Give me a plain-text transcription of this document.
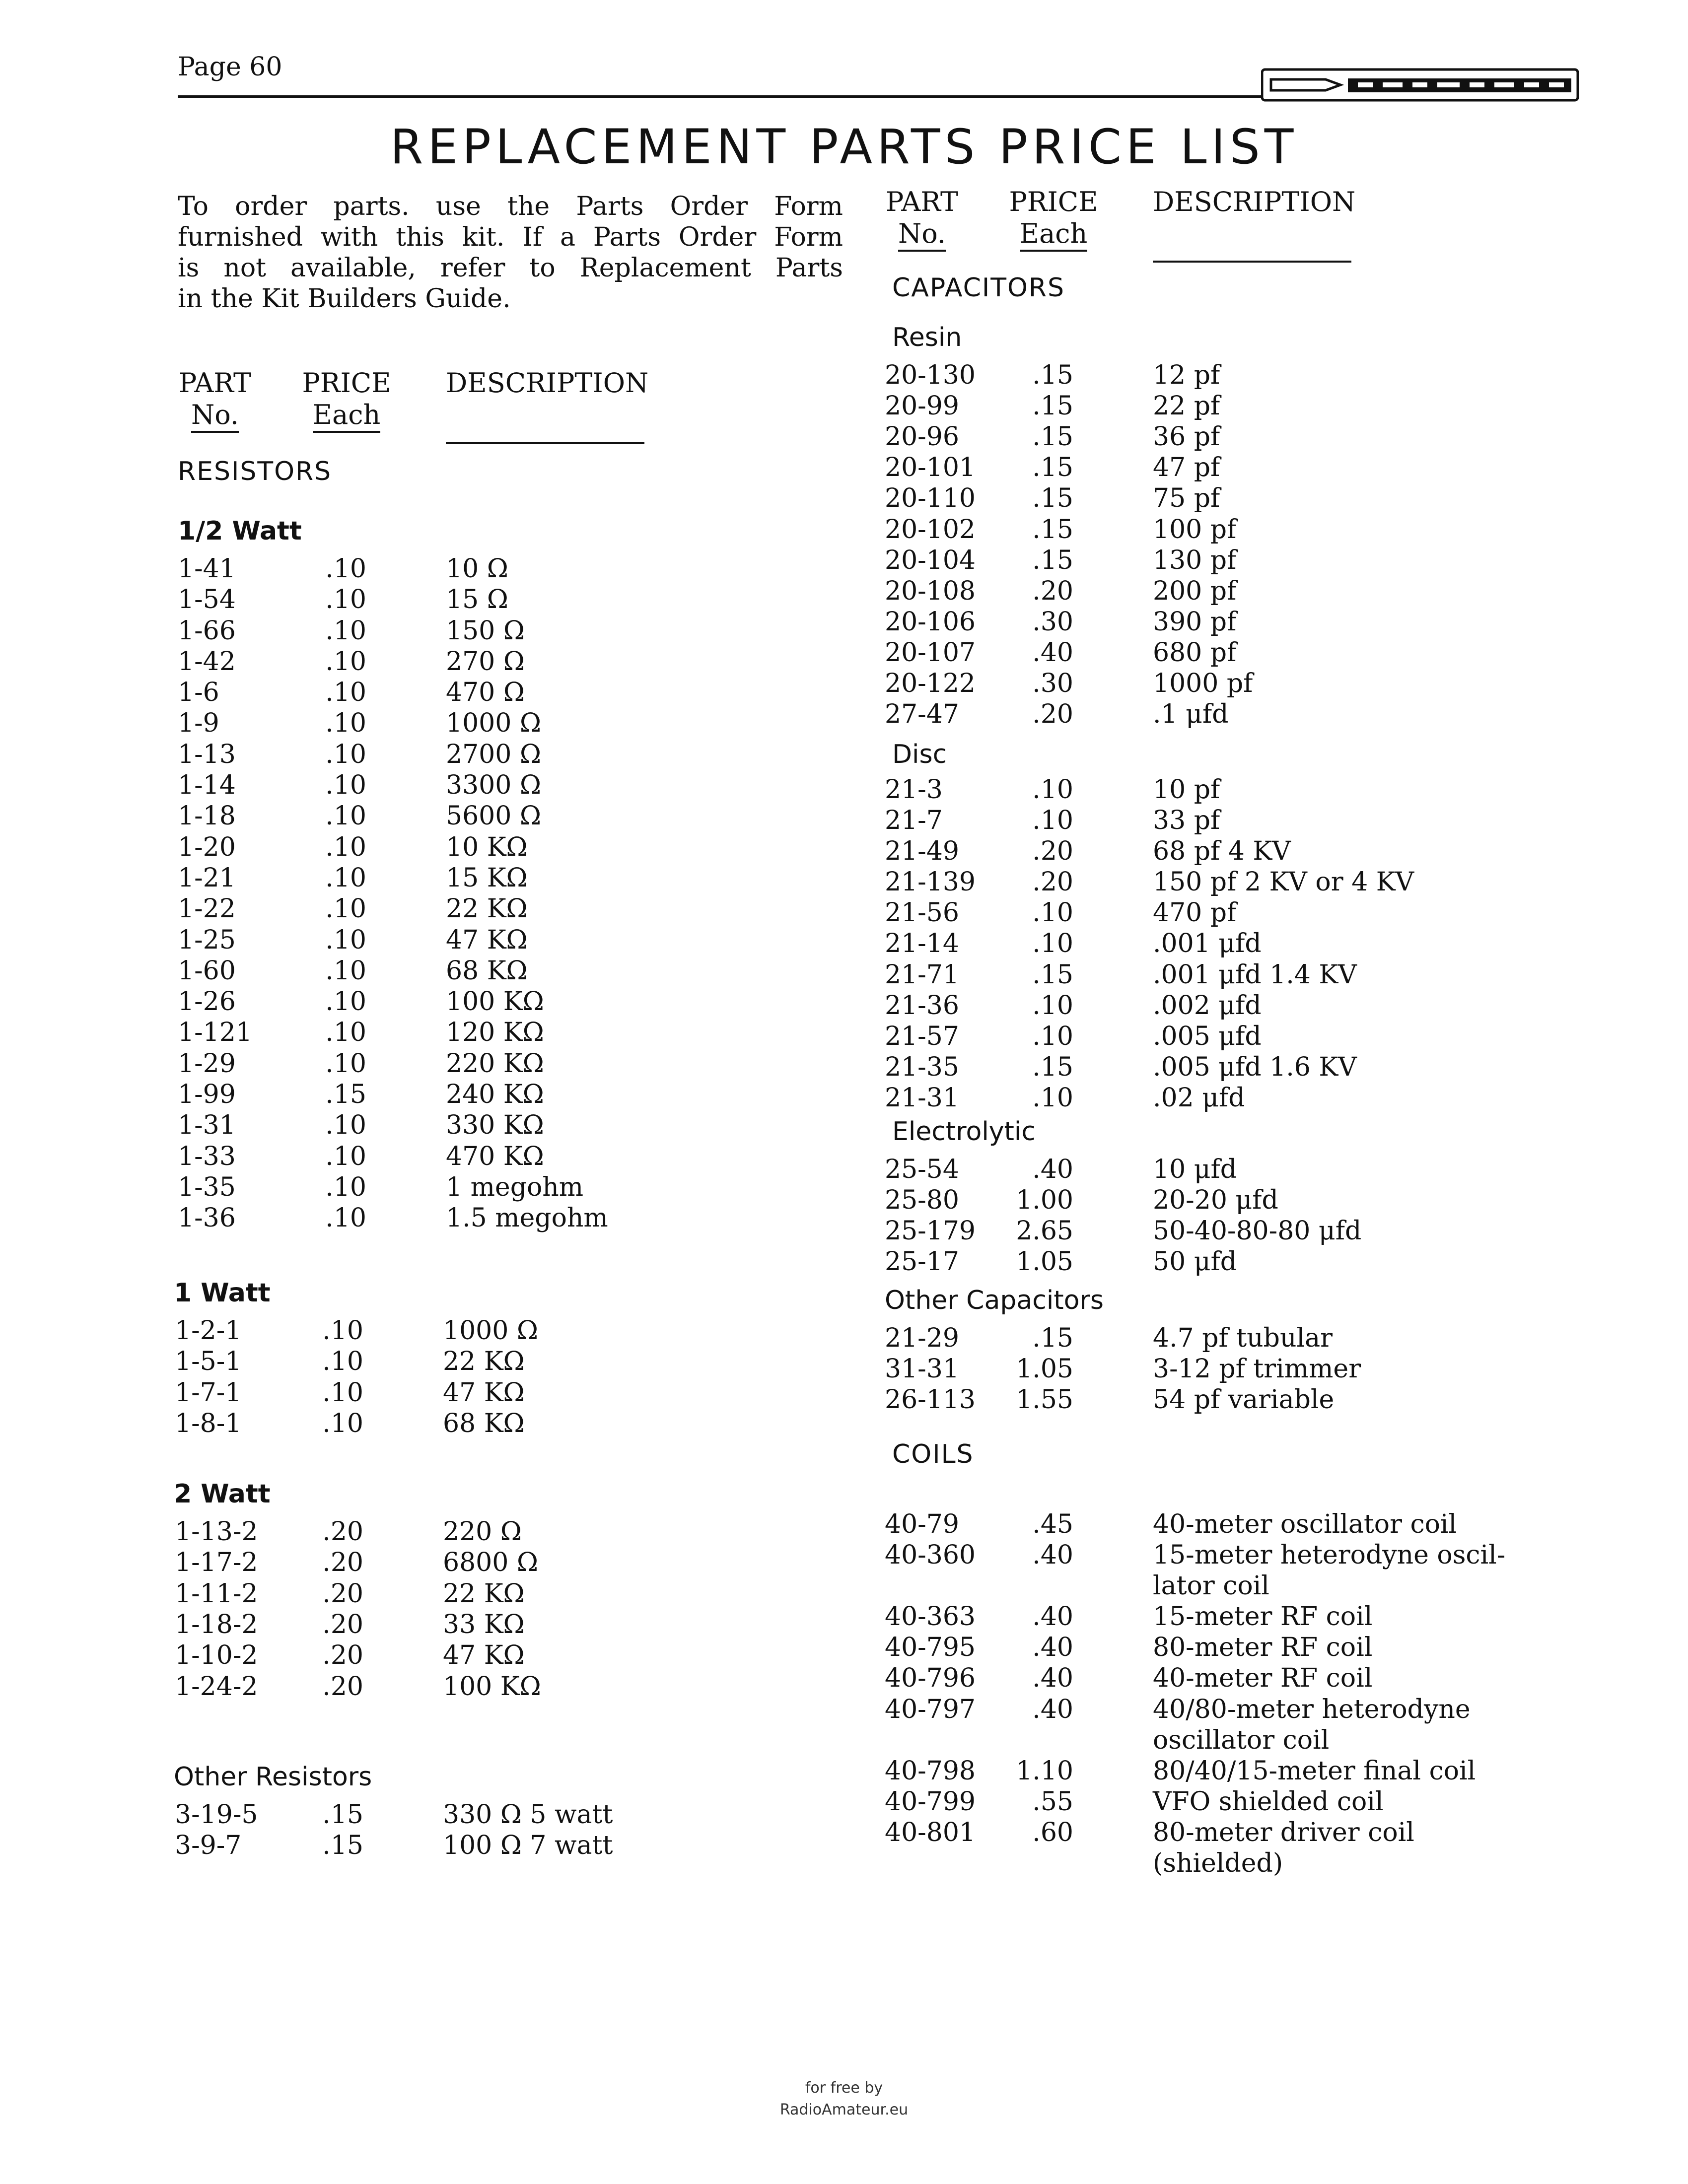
Page 60
REPLACEMENT PARTS PRICE LIST
To order parts. use the Parts Order Form
furnished with this kit. If a Parts Order Form
is not available, refer to Replacement Parts
in the Kit Builders Guide.
PART
No.
PRICE
Each
DESCRIPTION
PART
No.
PRICE
Each
DESCRIPTION
RESISTORS
1/2 Watt
1 Watt
2 Watt
Other Resistors
CAPACITORS
Resin
Disc
Electrolytic
Other Capacitors
COILS
1-41	.10	10 Ω
1-54	.10	15 Ω
1-66	.10	150 Ω
1-42	.10	270 Ω
1-6	.10	470 Ω
1-9	.10	1000 Ω
1-13	.10	2700 Ω
1-14	.10	3300 Ω
1-18	.10	5600 Ω
1-20	.10	10 KΩ
1-21	.10	15 KΩ
1-22	.10	22 KΩ
1-25	.10	47 KΩ
1-60	.10	68 KΩ
1-26	.10	100 KΩ
1-121	.10	120 KΩ
1-29	.10	220 KΩ
1-99	.15	240 KΩ
1-31	.10	330 KΩ
1-33	.10	470 KΩ
1-35	.10	1 megohm
1-36	.10	1.5 megohm
1-2-1	.10	1000 Ω
1-5-1	.10	22 KΩ
1-7-1	.10	47 KΩ
1-8-1	.10	68 KΩ
1-13-2	.20	220 Ω
1-17-2	.20	6800 Ω
1-11-2	.20	22 KΩ
1-18-2	.20	33 KΩ
1-10-2	.20	47 KΩ
1-24-2	.20	100 KΩ
3-19-5	.15	330 Ω 5 watt
3-9-7	.15	100 Ω 7 watt
20-130	.15	12 pf
20-99	.15	22 pf
20-96	.15	36 pf
20-101	.15	47 pf
20-110	.15	75 pf
20-102	.15	100 pf
20-104	.15	130 pf
20-108	.20	200 pf
20-106	.30	390 pf
20-107	.40	680 pf
20-122	.30	1000 pf
27-47	.20	.1 μfd
21-3	.10	10 pf
21-7	.10	33 pf
21-49	.20	68 pf 4 KV
21-139	.20	150 pf 2 KV or 4 KV
21-56	.10	470 pf
21-14	.10	.001 μfd
21-71	.15	.001 μfd 1.4 KV
21-36	.10	.002 μfd
21-57	.10	.005 μfd
21-35	.15	.005 μfd 1.6 KV
21-31	.10	.02 μfd
25-54	.40	10 μfd
25-80 1.00	20-20 μfd
25-179 2.65	50-40-80-80 μfd
25-17 1.05	50 μfd
21-29	.15	4.7 pf tubular
31-31 1.05	3-12 pf trimmer
26-113 1.55	54 pf variable
40-79	.45	40-meter oscillator coil
40-360	.40	15-meter heterodyne oscil-
lator coil
40-363	.40	15-meter RF coil
40-795	.40	80-meter RF coil
40-796	.40	40-meter RF coil
40-797	.40	40/80-meter heterodyne
oscillator coil
40-798 1.10	80/40/15-meter final coil
40-799	.55	VFO shielded coil
40-801	.60	80-meter driver coil
(shielded)
for free by
RadioAmateur.eu
